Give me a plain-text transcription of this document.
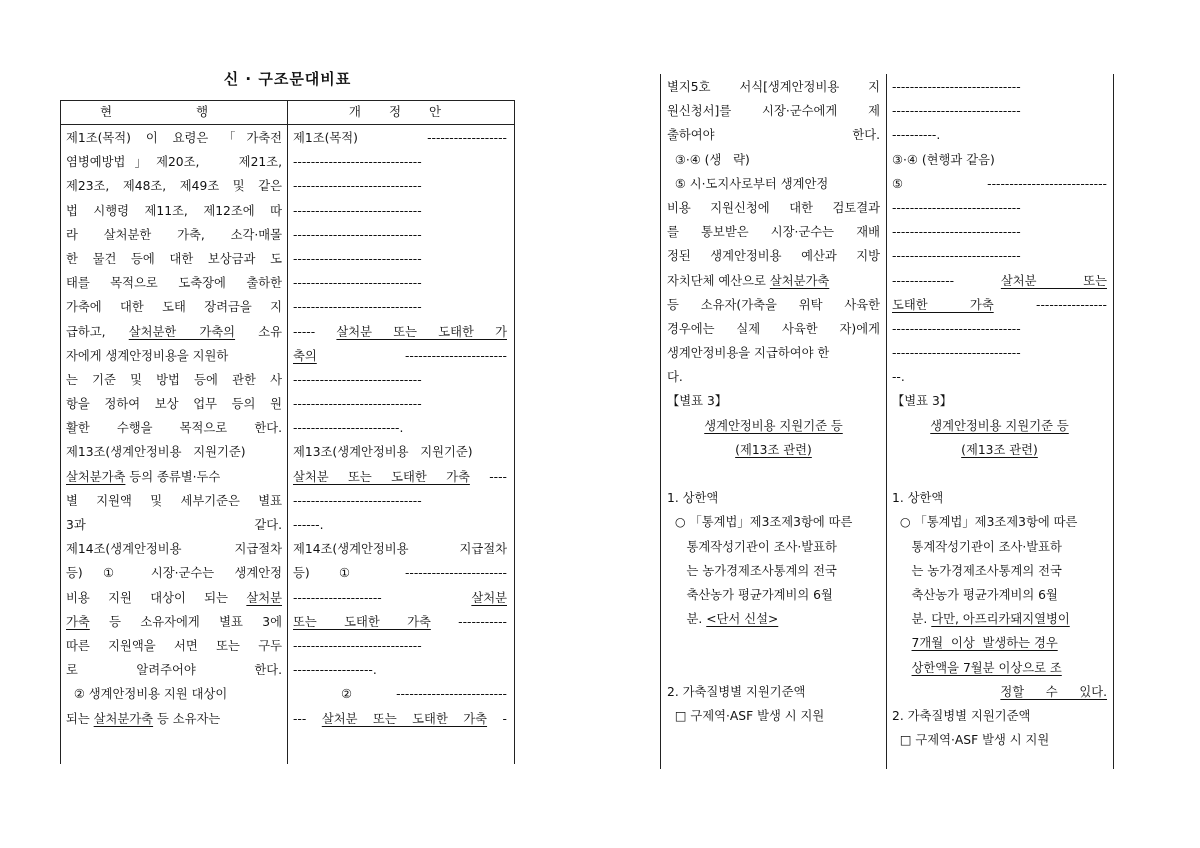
신 · 구조문대비표
현 행	개 정 안
제1조(목적) 이 요령은 「가축전
염병예방법」제20조,   제21조,
제23조, 제48조, 제49조 및 같은
법 시행령 제11조, 제12조에 따
라 살처분한 가축, 소각·매몰
한 물건 등에 대한 보상금과 도
태를 목적으로 도축장에 출하한
가축에 대한 도태 장려금을 지
급하고, 살처분한 가축의 소유
자에게 생계안정비용을 지원하
는 기준 및 방법 등에 관한 사
항을 정하여 보상 업무 등의 원
활한 수행을 목적으로 한다.
제13조(생계안정비용   지원기준)
살처분가축 등의 종류별·두수
별 지원액 및 세부기준은 별표
3과 같다.
제14조(생계안정비용    지급절차
등) ① 시장·군수는 생계안정
비용 지원 대상이 되는 살처분
가축 등 소유자에게 별표 3에
따른 지원액을 서면 또는 구두
로 알려주어야 한다.
② 생계안정비용 지원 대상이
되는 살처분가축 등 소유자는
제1조(목적) ------------------
-----------------------------
-----------------------------
-----------------------------
-----------------------------
-----------------------------
-----------------------------
-----------------------------
----- 살처분 또는 도태한 가
축의 -----------------------
-----------------------------
-----------------------------
------------------------.
제13조(생계안정비용   지원기준)
살처분 또는 도태한 가축 ----
-----------------------------
------.
제14조(생계안정비용    지급절차
등) ① -----------------------
-------------------- 살처분
또는 도태한 가축 -----------
-----------------------------
------------------.
② -------------------------
--- 살처분 또는 도태한 가축 -
별지5호 서식[생계안정비용 지
원신청서]를 시장·군수에게 제
출하여야 한다.
③·④ (생   략)
⑤ 시·도지사로부터 생계안정
비용 지원신청에 대한 검토결과
를 통보받은 시장·군수는 재배
정된 생계안정비용 예산과 지방
자치단체 예산으로 살처분가축
등 소유자(가축을 위탁 사육한
경우에는 실제 사육한 자)에게
생계안정비용을 지급하여야 한
다.
【별표 3】
생계안정비용 지원기준 등
(제13조 관련)

1. 상한액
○ 「통계법」제3조제3항에 따른
통계작성기관이 조사·발표하
는 농가경제조사통계의 전국
축산농가 평균가계비의 6월
분. <단서 신설>

2. 가축질병별 지원기준액
□ 구제역·ASF 발생 시 지원
-----------------------------
-----------------------------
----------.
③·④ (현행과 같음)
⑤ ---------------------------
-----------------------------
-----------------------------
-----------------------------
-------------- 살처분 또는
도태한 가축 ----------------
-----------------------------
-----------------------------
--.
【별표 3】
생계안정비용 지원기준 등
(제13조 관련)

1. 상한액
○ 「통계법」제3조제3항에 따른
통계작성기관이 조사·발표하
는 농가경제조사통계의 전국
축산농가 평균가계비의 6월
분. 다만, 아프리카돼지열병이
7개월  이상  발생하는 경우
상한액을 7월분 이상으로 조
정할 수 있다.
2. 가축질병별 지원기준액
□ 구제역·ASF 발생 시 지원
